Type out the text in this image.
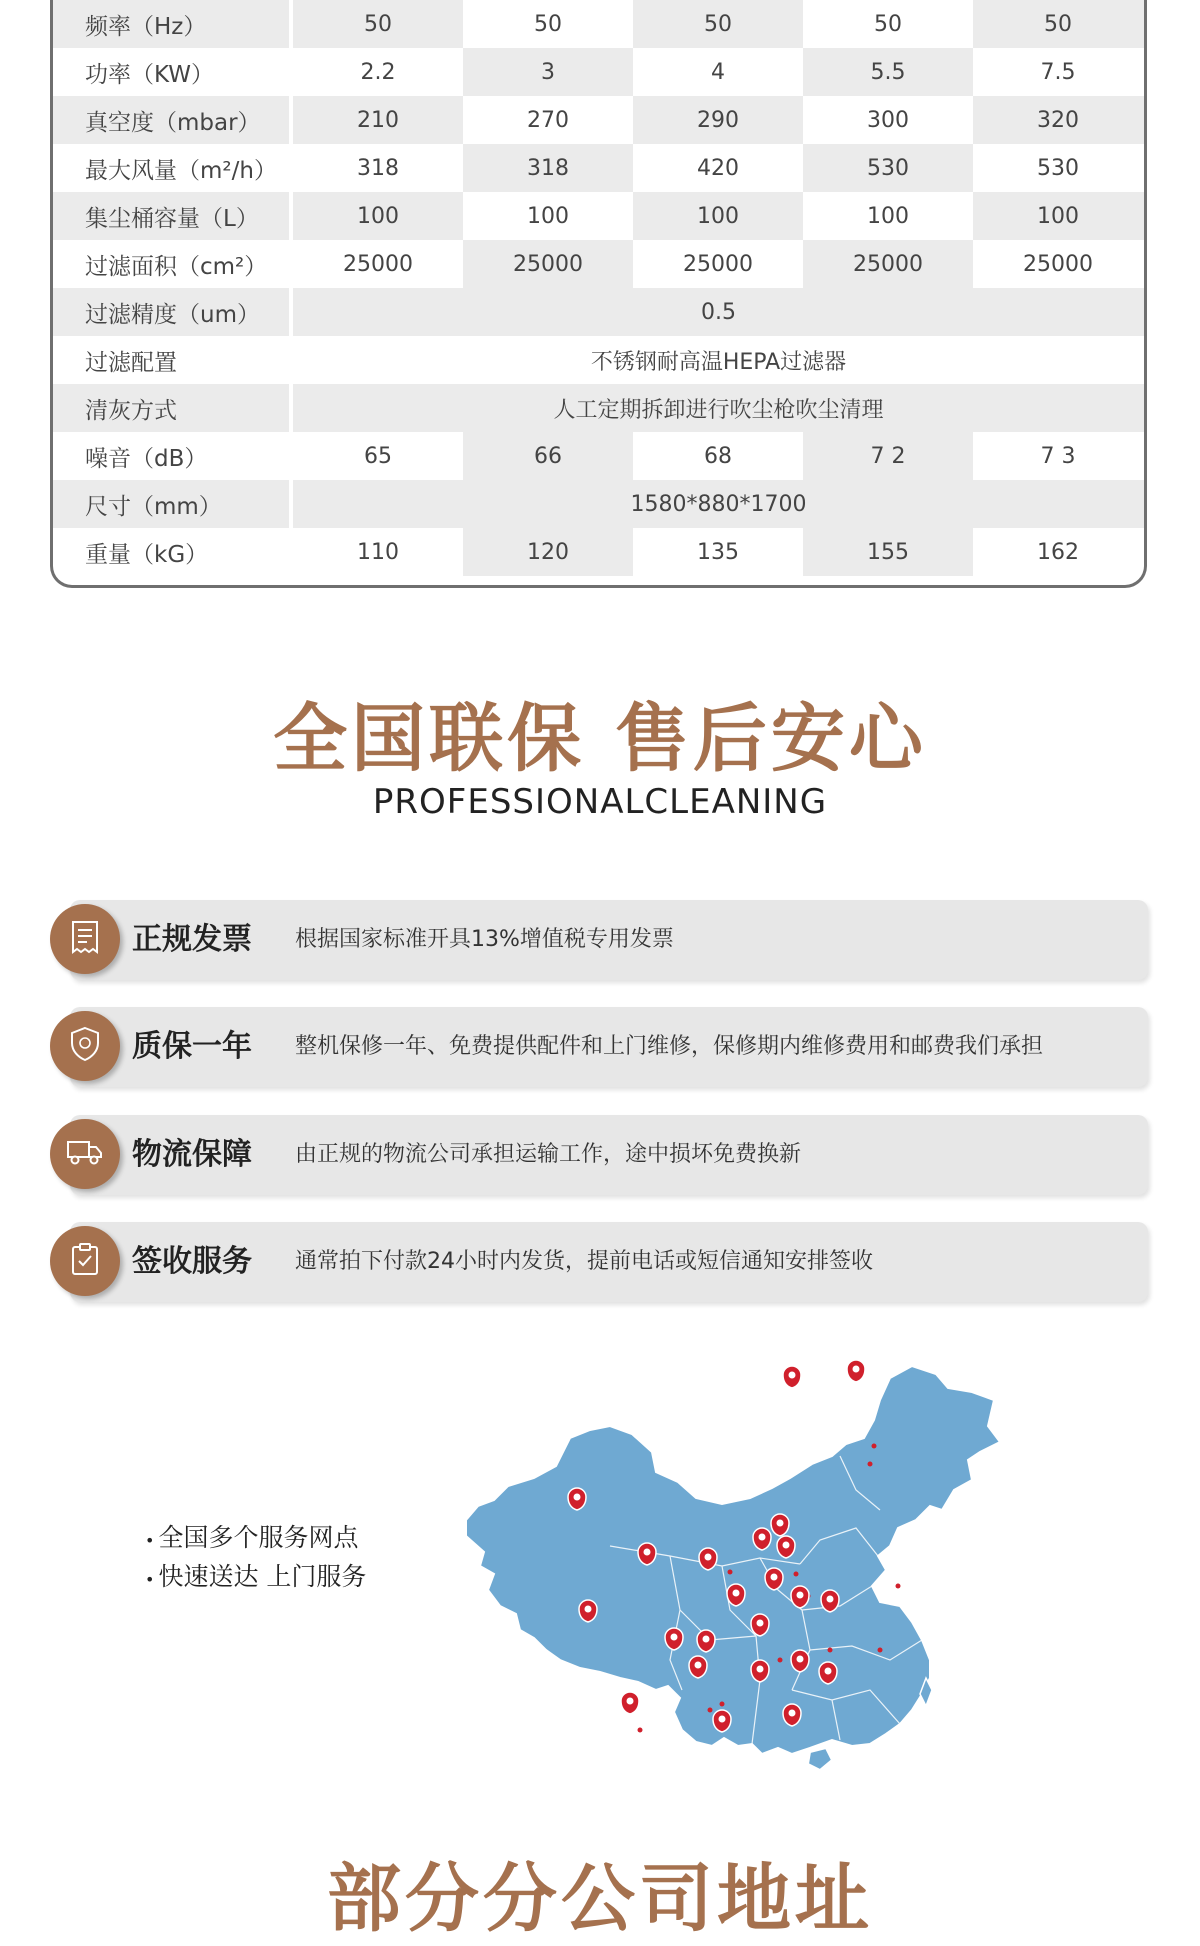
频率（Hz）	50	50	50	50	50
功率（KW）	2.2	3	4	5.5	7.5
真空度（mbar）	210	270	290	300	320
最大风量（m²/h）	318	318	420	530	530
集尘桶容量（L）	100	100	100	100	100
过滤面积（cm²）	25000	25000	25000	25000	25000
过滤精度（um）	0.5
过滤配置	不锈钢耐高温HEPA过滤器
清灰方式	人工定期拆卸进行吹尘枪吹尘清理
噪音（dB）	65	66	68	7 2	7 3
尺寸（mm）	1580*880*1700
重量（kG）	110	120	135	155	162
全国联保 售后安心
PROFESSIONALCLEANING
正规发票 根据国家标准开具13%增值税专用发票
质保一年 整机保修一年、免费提供配件和上门维修，保修期内维修费用和邮费我们承担
物流保障 由正规的物流公司承担运输工作，途中损坏免费换新
签收服务 通常拍下付款24小时内发货，提前电话或短信通知安排签收
• 全国多个服务网点
• 快速送达 上门服务
部分分公司地址
